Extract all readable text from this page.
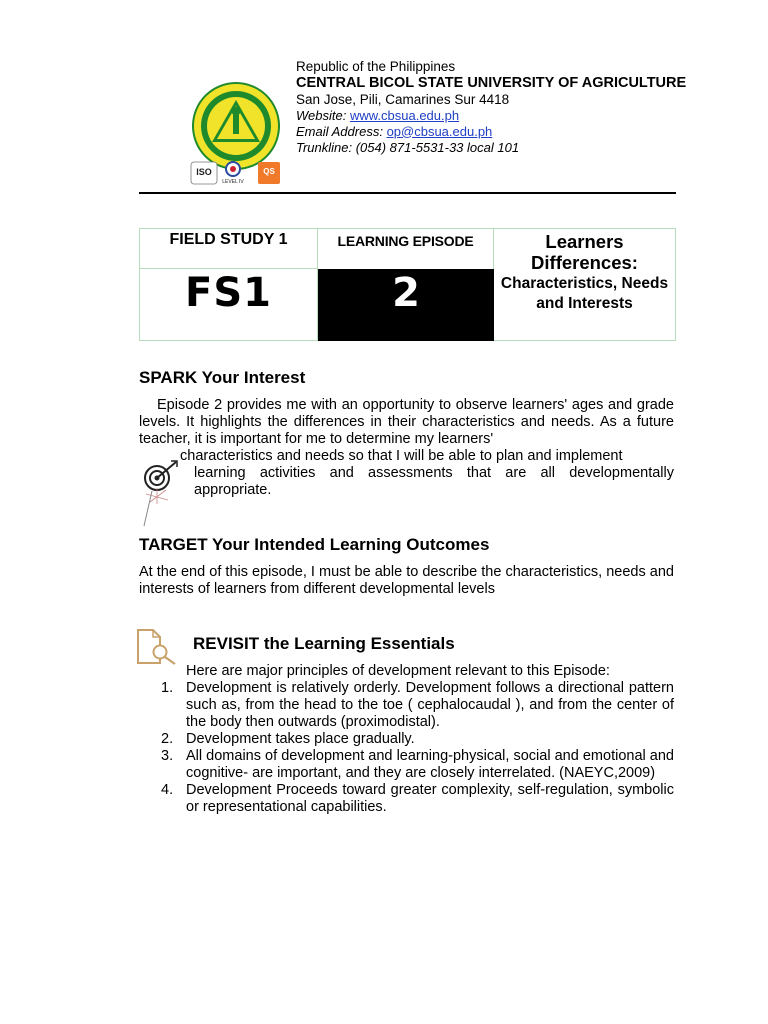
ISO
LEVEL IV
QS
Republic of the Philippines
CENTRAL BICOL STATE UNIVERSITY OF AGRICULTURE
San Jose, Pili, Camarines Sur 4418
Website: www.cbsua.edu.ph
Email Address: op@cbsua.edu.ph
Trunkline: (054) 871-5531-33 local 101
FIELD STUDY 1	LEARNING EPISODE
FS1	2
Learners Differences:
Characteristics, Needs and Interests
SPARK Your Interest
Episode 2 provides me with an opportunity to observe learners' ages and grade levels. It highlights the differences in their characteristics and needs. As a future teacher, it is important for me to determine my learners'
characteristics and needs so that I will be able to plan and implement
learning activities and assessments that are all developmentally appropriate.
TARGET Your Intended Learning Outcomes
At the end of this episode, I must be able to describe the characteristics, needs and interests of learners from different developmental levels
REVISIT the Learning Essentials
Here are major principles of development relevant to this Episode:
1. Development is relatively orderly. Development follows a directional pattern such as, from the head to the toe ( cephalocaudal ), and from the center of the body then outwards (proximodistal).
2. Development takes place gradually.
3. All domains of development and learning-physical, social and emotional and cognitive- are important, and they are closely interrelated. (NAEYC,2009)
4. Development Proceeds toward greater complexity, self-regulation, symbolic or representational capabilities.
